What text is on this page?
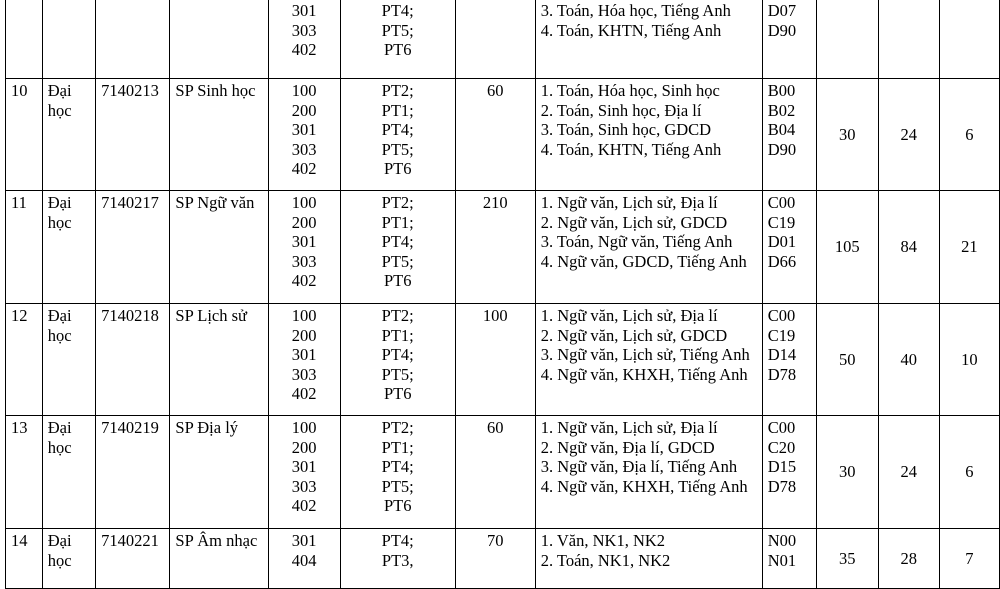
				301
303
402	PT4;
PT5;
PT6		3. Toán, Hóa học, Tiếng Anh
4. Toán, KHTN, Tiếng Anh	D07
D90			

10	Đại
học	7140213	SP Sinh học	100
200
301
303
402	PT2;
PT1;
PT4;
PT5;
PT6	60	1. Toán, Hóa học, Sinh học
2. Toán, Sinh học, Địa lí
3. Toán, Sinh học, GDCD
4. Toán, KHTN, Tiếng Anh	B00
B02
B04
D90	30	24	6
11	Đại
học	7140217	SP Ngữ văn	100
200
301
303
402	PT2;
PT1;
PT4;
PT5;
PT6	210	1. Ngữ văn, Lịch sử, Địa lí
2. Ngữ văn, Lịch sử, GDCD
3. Toán, Ngữ văn, Tiếng Anh
4. Ngữ văn, GDCD, Tiếng Anh	C00
C19
D01
D66	105	84	21
12	Đại
học	7140218	SP Lịch sử	100
200
301
303
402	PT2;
PT1;
PT4;
PT5;
PT6	100	1. Ngữ văn, Lịch sử, Địa lí
2. Ngữ văn, Lịch sử, GDCD
3. Ngữ văn, Lịch sử, Tiếng Anh
4. Ngữ văn, KHXH, Tiếng Anh	C00
C19
D14
D78	50	40	10
13	Đại
học	7140219	SP Địa lý	100
200
301
303
402	PT2;
PT1;
PT4;
PT5;
PT6	60	1. Ngữ văn, Lịch sử, Địa lí
2. Ngữ văn, Địa lí, GDCD
3. Ngữ văn, Địa lí, Tiếng Anh
4. Ngữ văn, KHXH, Tiếng Anh	C00
C20
D15
D78	30	24	6
14	Đại
học	7140221	SP Âm nhạc	301
404	PT4;
PT3,	70	1. Văn, NK1, NK2
2. Toán, NK1, NK2	N00
N01	35	28	7
